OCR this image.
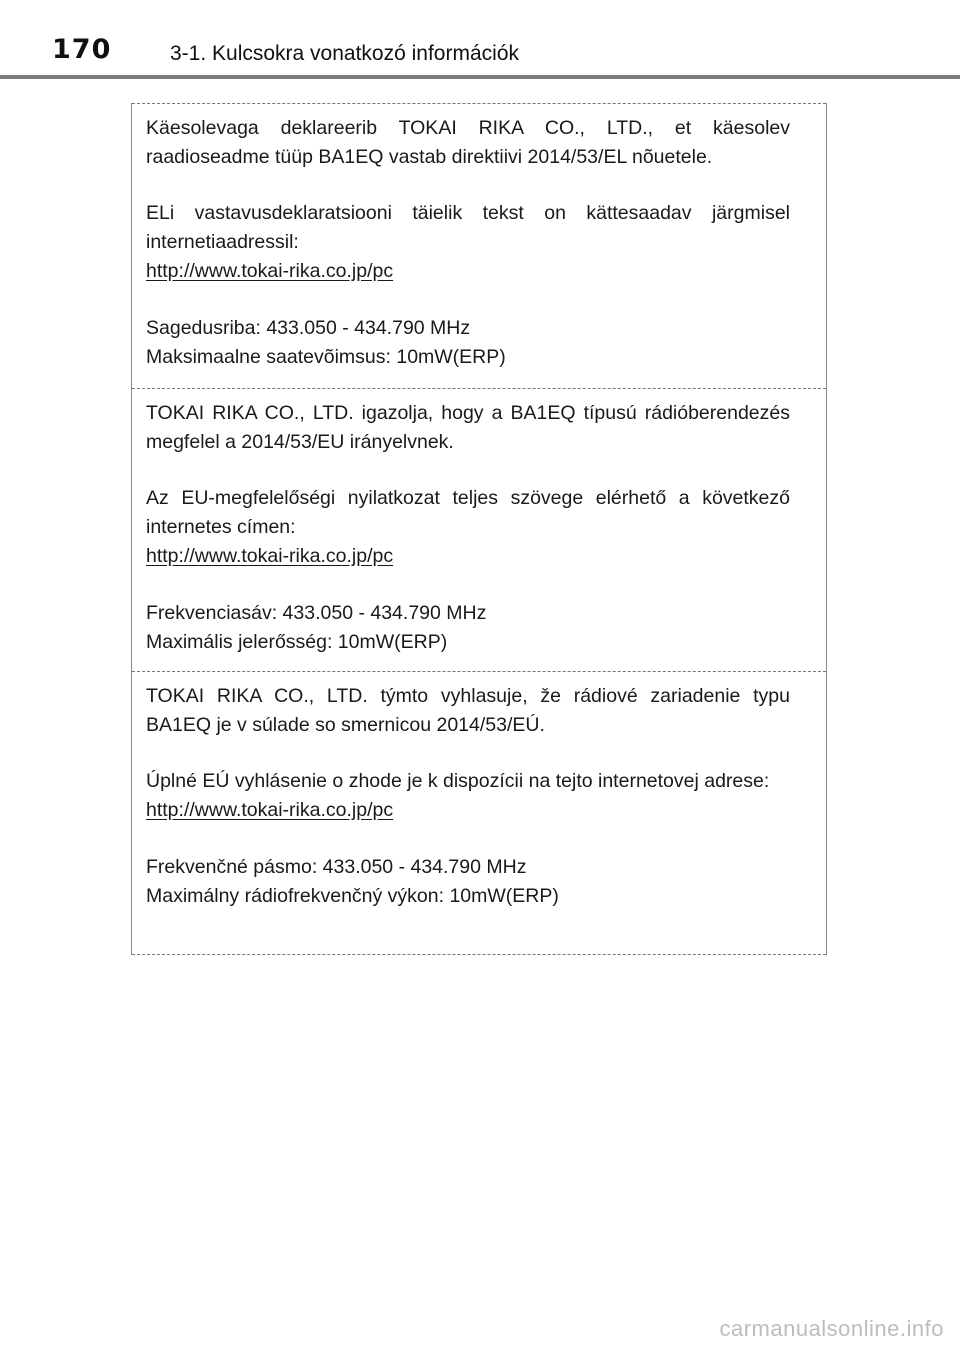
170	3-1. Kulcsokra vonatkozó információk

Käesolevaga deklareerib TOKAI RIKA CO., LTD., et käesolev raadioseadme tüüp BA1EQ vastab direktiivi 2014/53/EL nõuetele.

ELi vastavusdeklaratsiooni täielik tekst on kättesaadav järgmisel internetiaadressil:

http://www.tokai-rika.co.jp/pc

Sagedusriba: 433.050 - 434.790 MHz

Maksimaalne saatevõimsus: 10mW(ERP)

TOKAI RIKA CO., LTD. igazolja, hogy a BA1EQ típusú rádióberendezés megfelel a 2014/53/EU irányelvnek.

Az EU-megfelelőségi nyilatkozat teljes szövege elérhető a következő internetes címen:

http://www.tokai-rika.co.jp/pc

Frekvenciasáv: 433.050 - 434.790 MHz

Maximális jelerősség: 10mW(ERP)

TOKAI RIKA CO., LTD. týmto vyhlasuje, že rádiové zariadenie typu BA1EQ je v súlade so smernicou 2014/53/EÚ.

Úplné EÚ vyhlásenie o zhode je k dispozícii na tejto internetovej adrese:

http://www.tokai-rika.co.jp/pc

Frekvenčné pásmo: 433.050 - 434.790 MHz

Maximálny rádiofrekvenčný výkon: 10mW(ERP)

carmanualsonline.info
